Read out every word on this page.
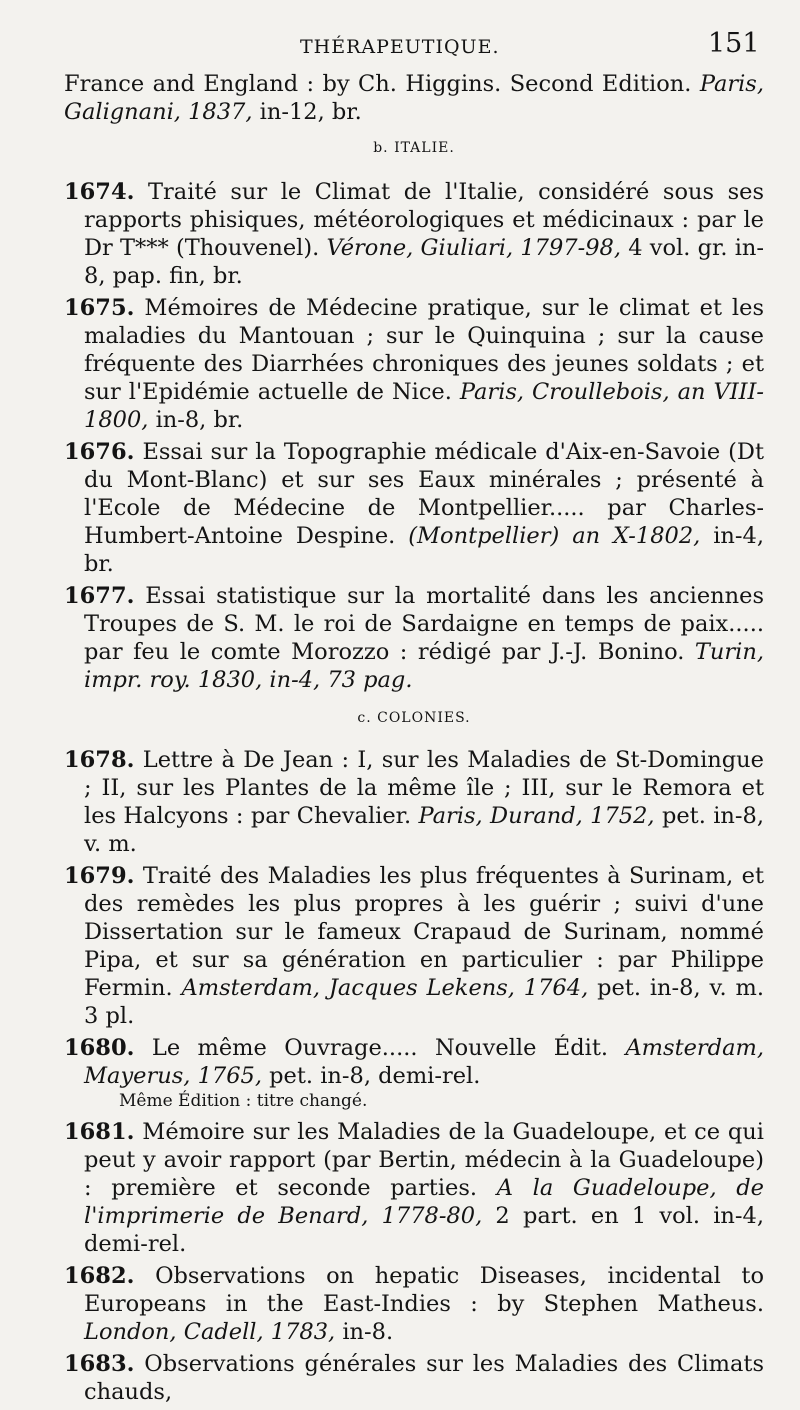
THÉRAPEUTIQUE.	151

France and England : by Ch. Higgins. Second Edition. Paris, Galignani, 1837, in-12, br.

b. ITALIE.

1674. Traité sur le Climat de l'Italie, considéré sous ses rapports phisiques, météorologiques et médicinaux : par le Dr T*** (Thouvenel). Vérone, Giuliari, 1797-98, 4 vol. gr. in-8, pap. fin, br.

1675. Mémoires de Médecine pratique, sur le climat et les maladies du Mantouan ; sur le Quinquina ; sur la cause fréquente des Diarrhées chroniques des jeunes soldats ; et sur l'Epidémie actuelle de Nice. Paris, Croullebois, an VIII-1800, in-8, br.

1676. Essai sur la Topographie médicale d'Aix-en-Savoie (Dt du Mont-Blanc) et sur ses Eaux minérales ; présenté à l'Ecole de Médecine de Montpellier..... par Charles-Humbert-Antoine Despine. (Montpellier) an X-1802, in-4, br.

1677. Essai statistique sur la mortalité dans les anciennes Troupes de S. M. le roi de Sardaigne en temps de paix..... par feu le comte Morozzo : rédigé par J.-J. Bonino. Turin, impr. roy. 1830, in-4, 73 pag.

c. COLONIES.

1678. Lettre à De Jean : I, sur les Maladies de St-Domingue ; II, sur les Plantes de la même île ; III, sur le Remora et les Halcyons : par Chevalier. Paris, Durand, 1752, pet. in-8, v. m.

1679. Traité des Maladies les plus fréquentes à Surinam, et des remèdes les plus propres à les guérir ; suivi d'une Dissertation sur le fameux Crapaud de Surinam, nommé Pipa, et sur sa génération en particulier : par Philippe Fermin. Amsterdam, Jacques Lekens, 1764, pet. in-8, v. m. 3 pl.

1680. Le même Ouvrage..... Nouvelle Édit. Amsterdam, Mayerus, 1765, pet. in-8, demi-rel.

Même Édition : titre changé.

1681. Mémoire sur les Maladies de la Guadeloupe, et ce qui peut y avoir rapport (par Bertin, médecin à la Guadeloupe) : première et seconde parties. A la Guadeloupe, de l'imprimerie de Benard, 1778-80, 2 part. en 1 vol. in-4, demi-rel.

1682. Observations on hepatic Diseases, incidental to Europeans in the East-Indies : by Stephen Matheus. London, Cadell, 1783, in-8.

1683. Observations générales sur les Maladies des Climats chauds,
